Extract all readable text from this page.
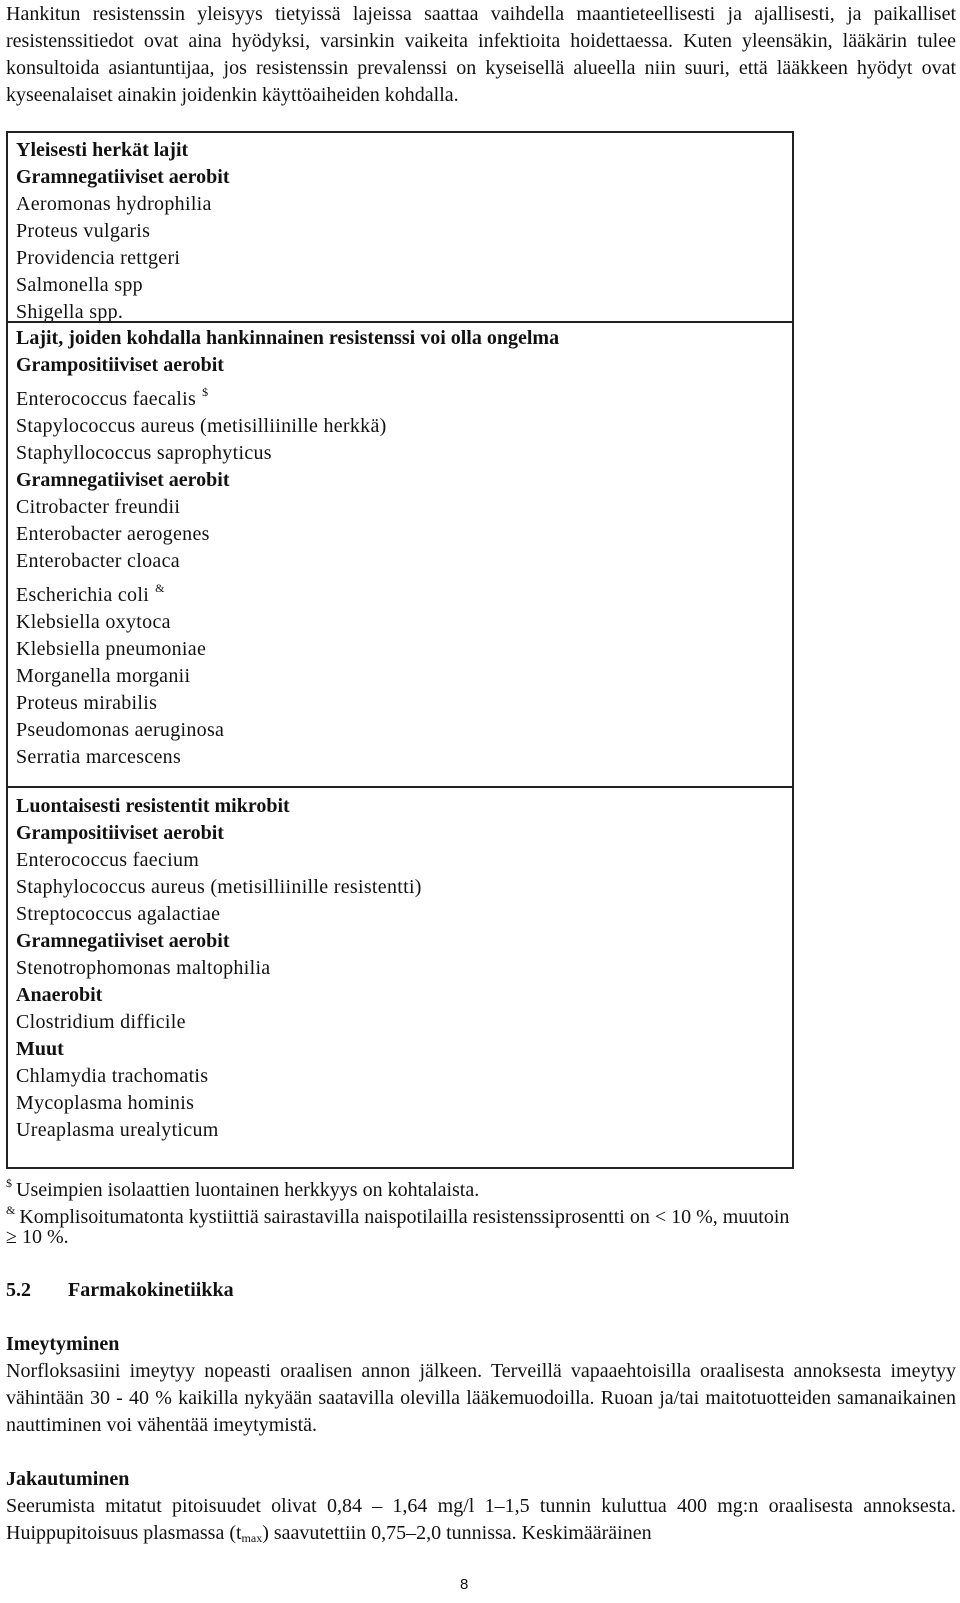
Hankitun resistenssin yleisyys tietyissä lajeissa saattaa vaihdella maantieteellisesti ja ajallisesti, ja paikalliset resistenssitiedot ovat aina hyödyksi, varsinkin vaikeita infektioita hoidettaessa. Kuten yleensäkin, lääkärin tulee konsultoida asiantuntijaa, jos resistenssin prevalenssi on kyseisellä alueella niin suuri, että lääkkeen hyödyt ovat kyseenalaiset ainakin joidenkin käyttöaiheiden kohdalla.

Yleisesti herkät lajit
Gramnegatiiviset aerobit
Aeromonas hydrophilia
Proteus vulgaris
Providencia rettgeri
Salmonella spp
Shigella spp.
Lajit, joiden kohdalla hankinnainen resistenssi voi olla ongelma
Grampositiiviset aerobit
Enterococcus faecalis $
Stapylococcus aureus (metisilliinille herkkä)
Staphyllococcus saprophyticus
Gramnegatiiviset aerobit
Citrobacter freundii
Enterobacter aerogenes
Enterobacter cloaca
Escherichia coli &
Klebsiella oxytoca
Klebsiella pneumoniae
Morganella morganii
Proteus mirabilis
Pseudomonas aeruginosa
Serratia marcescens
Luontaisesti resistentit mikrobit
Grampositiiviset aerobit
Enterococcus faecium
Staphylococcus aureus (metisilliinille resistentti)
Streptococcus agalactiae
Gramnegatiiviset aerobit
Stenotrophomonas maltophilia
Anaerobit
Clostridium difficile
Muut
Chlamydia trachomatis
Mycoplasma hominis
Ureaplasma urealyticum

$ Useimpien isolaattien luontainen herkkyys on kohtalaista.

& Komplisoitumatonta kystiittiä sairastavilla naispotilailla resistenssiprosentti on < 10 %, muutoin

≥ 10 %.

5.2 Farmakokinetiikka

Imeytyminen

Norfloksasiini imeytyy nopeasti oraalisen annon jälkeen. Terveillä vapaaehtoisilla oraalisesta annoksesta imeytyy vähintään 30 - 40 % kaikilla nykyään saatavilla olevilla lääkemuodoilla. Ruoan ja/tai maitotuotteiden samanaikainen nauttiminen voi vähentää imeytymistä.

Jakautuminen

Seerumista mitatut pitoisuudet olivat 0,84 – 1,64 mg/l 1–1,5 tunnin kuluttua 400 mg:n oraalisesta annoksesta. Huippupitoisuus plasmassa $(t_{max})$ saavutettiin 0,75–2,0 tunnissa. Keskimääräinen

8
